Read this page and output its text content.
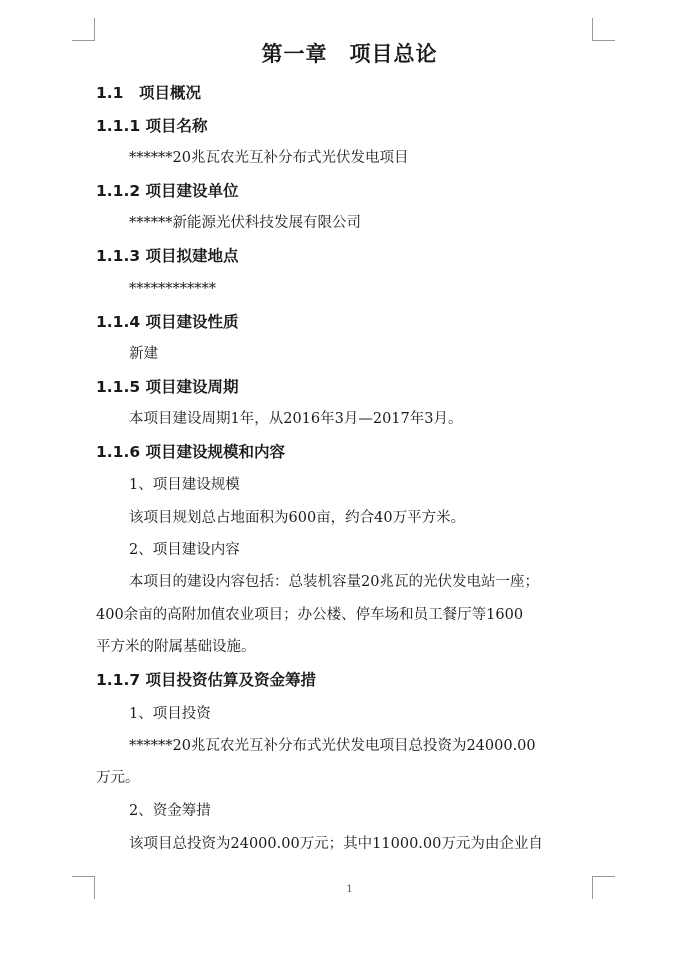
第一章　项目总论
1.1　项目概况
1.1.1 项目名称
******20兆瓦农光互补分布式光伏发电项目
1.1.2 项目建设单位
******新能源光伏科技发展有限公司
1.1.3 项目拟建地点
************
1.1.4 项目建设性质
新建
1.1.5 项目建设周期
本项目建设周期1年，从2016年3月—2017年3月。
1.1.6 项目建设规模和内容
1、项目建设规模
该项目规划总占地面积为600亩，约合40万平方米。
2、项目建设内容
本项目的建设内容包括：总装机容量20兆瓦的光伏发电站一座；
400余亩的高附加值农业项目；办公楼、停车场和员工餐厅等1600
平方米的附属基础设施。
1.1.7 项目投资估算及资金筹措
1、项目投资
******20兆瓦农光互补分布式光伏发电项目总投资为24000.00
万元。
2、资金筹措
该项目总投资为24000.00万元；其中11000.00万元为由企业自
1
